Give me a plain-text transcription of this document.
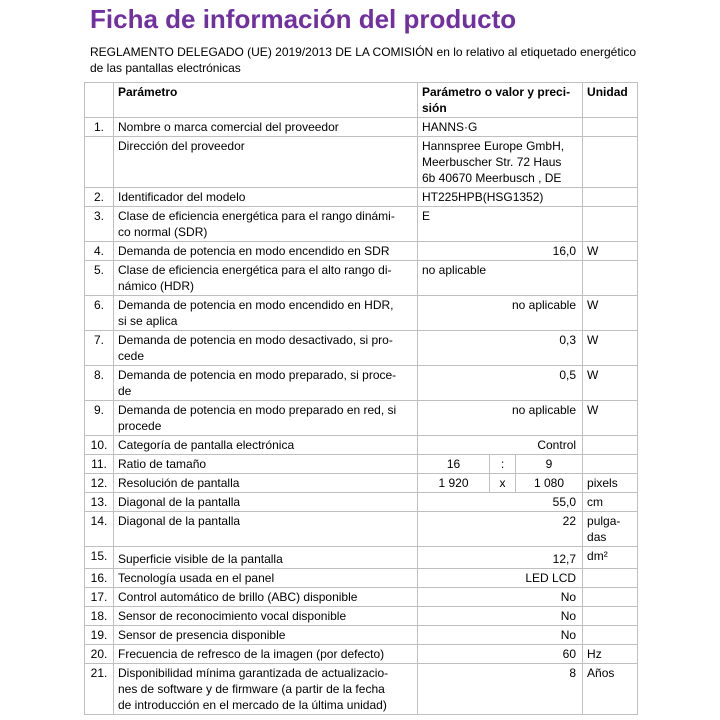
Ficha de información del producto
REGLAMENTO DELEGADO (UE) 2019/2013 DE LA COMISIÓN en lo relativo al etiquetado energético de las pantallas electrónicas
	Parámetro	Parámetro o valor y preci-
sión			Unidad
1.	Nombre o marca comercial del proveedor	HANNS·G			
	Dirección del proveedor	Hannspree Europe GmbH,
Meerbuscher Str. 72 Haus
6b 40670 Meerbusch , DE			
2.	Identificador del modelo	HT225HPB(HSG1352)			
3.	Clase de eficiencia energética para el rango dinámi-
co normal (SDR)	E			
4.	Demanda de potencia en modo encendido en SDR	16,0			W
5.	Clase de eficiencia energética para el alto rango di-
námico (HDR)	no aplicable			
6.	Demanda de potencia en modo encendido en HDR,
si se aplica	no aplicable			W
7.	Demanda de potencia en modo desactivado, si pro-
cede	0,3			W
8.	Demanda de potencia en modo preparado, si proce-
de	0,5			W
9.	Demanda de potencia en modo preparado en red, si
procede	no aplicable			W
10.	Categoría de pantalla electrónica	Control			
11.	Ratio de tamaño	16	:	9	
12.	Resolución de pantalla	1 920	x	1 080	pixels
13.	Diagonal de la pantalla	55,0			cm
14.	Diagonal de la pantalla	22			pulga-
das
15.	Superficie visible de la pantalla	12,7			dm²
16.	Tecnología usada en el panel	LED LCD			
17.	Control automático de brillo (ABC) disponible	No			
18.	Sensor de reconocimiento vocal disponible	No			
19.	Sensor de presencia disponible	No			
20.	Frecuencia de refresco de la imagen (por defecto)	60			Hz
21.	Disponibilidad mínima garantizada de actualizacio-
nes de software y de firmware (a partir de la fecha
de introducción en el mercado de la última unidad)	8			Años
